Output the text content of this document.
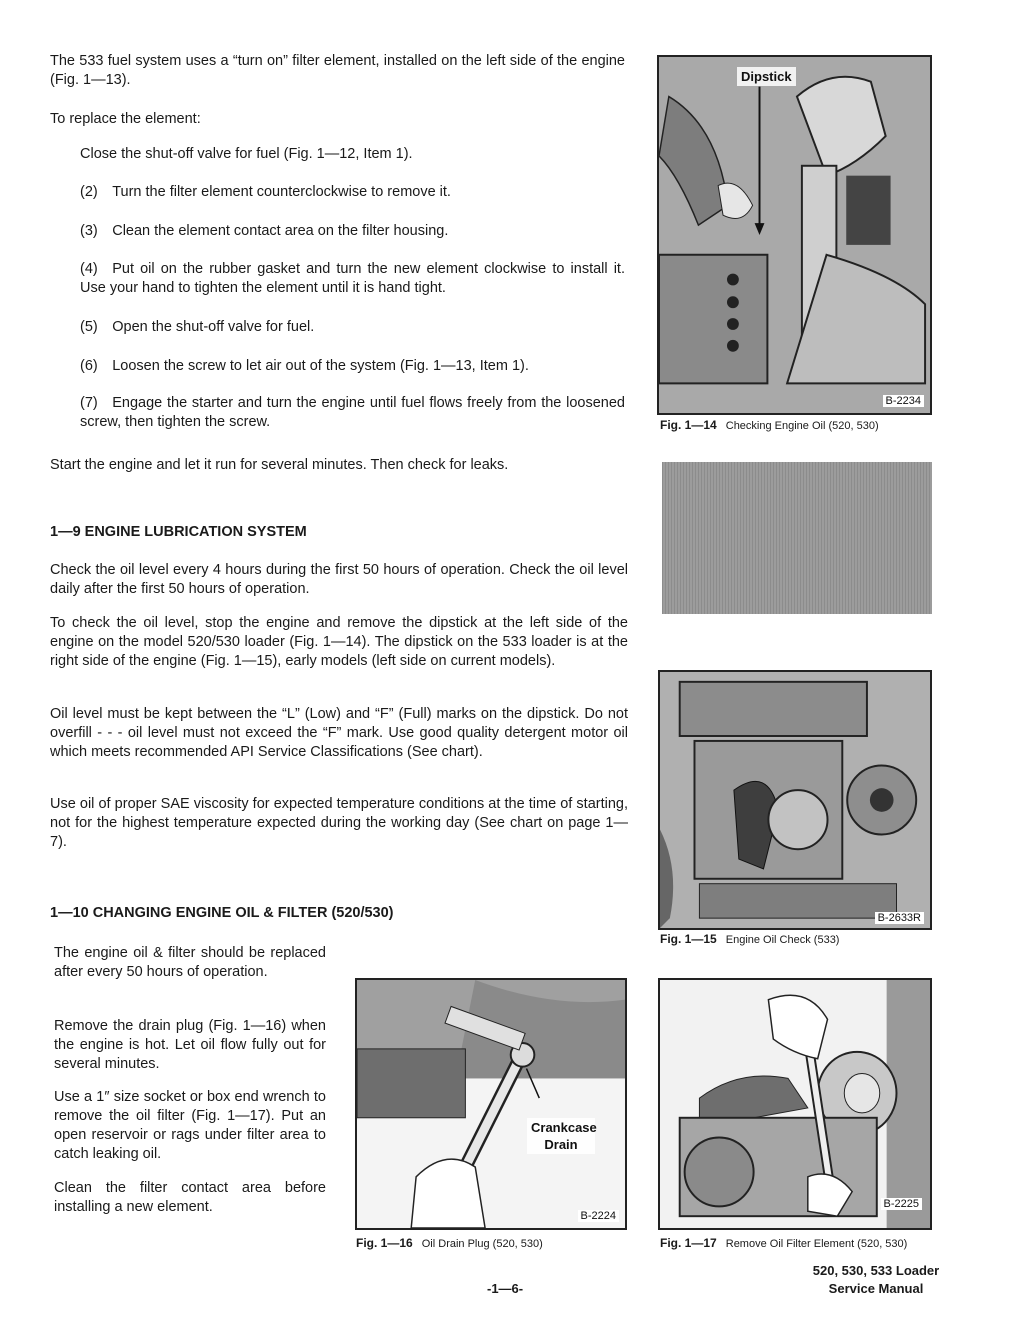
The 533 fuel system uses a “turn on” filter element, installed on the left side of the engine (Fig. 1—13).

To replace the element:

Close the shut-off valve for fuel (Fig. 1—12, Item 1).

(2) Turn the filter element counterclockwise to remove it.

(3) Clean the element contact area on the filter housing.

(4) Put oil on the rubber gasket and turn the new element clockwise to install it. Use your hand to tighten the element until it is hand tight.

(5) Open the shut-off valve for fuel.

(6) Loosen the screw to let air out of the system (Fig. 1—13, Item 1).

(7) Engage the starter and turn the engine until fuel flows freely from the loosened screw, then tighten the screw.

Start the engine and let it run for several minutes. Then check for leaks.

1—9 ENGINE LUBRICATION SYSTEM

Check the oil level every 4 hours during the first 50 hours of operation. Check the oil level daily after the first 50 hours of operation.

To check the oil level, stop the engine and remove the dipstick at the left side of the engine on the model 520/530 loader (Fig. 1—14). The dipstick on the 533 loader is at the right side of the engine (Fig. 1—15), early models (left side on current models).

Oil level must be kept between the “L” (Low) and “F” (Full) marks on the dipstick. Do not overfill - - - oil level must not exceed the “F” mark. Use good quality detergent motor oil which meets recommended API Service Classifications (See chart).

Use oil of proper SAE viscosity for expected temperature conditions at the time of starting, not for the highest temperature expected during the working day (See chart on page 1—7).

1—10 CHANGING ENGINE OIL & FILTER (520/530)

The engine oil & filter should be replaced after every 50 hours of operation.

Remove the drain plug (Fig. 1—16) when the engine is hot. Let oil flow fully out for several minutes.

Use a 1″ size socket or box end wrench to remove the oil filter (Fig. 1—17). Put an open reservoir or rags under filter area to catch leaking oil.

Clean the filter contact area before installing a new element.

Dipstick
B-2234

Fig. 1—14 Checking Engine Oil (520, 530)

B-2633R

Fig. 1—15 Engine Oil Check (533)

Crankcase Drain
B-2224

Fig. 1—16 Oil Drain Plug (520, 530)

B-2225

Fig. 1—17 Remove Oil Filter Element (520, 530)

-1—6-
520, 530, 533 Loader
Service Manual
